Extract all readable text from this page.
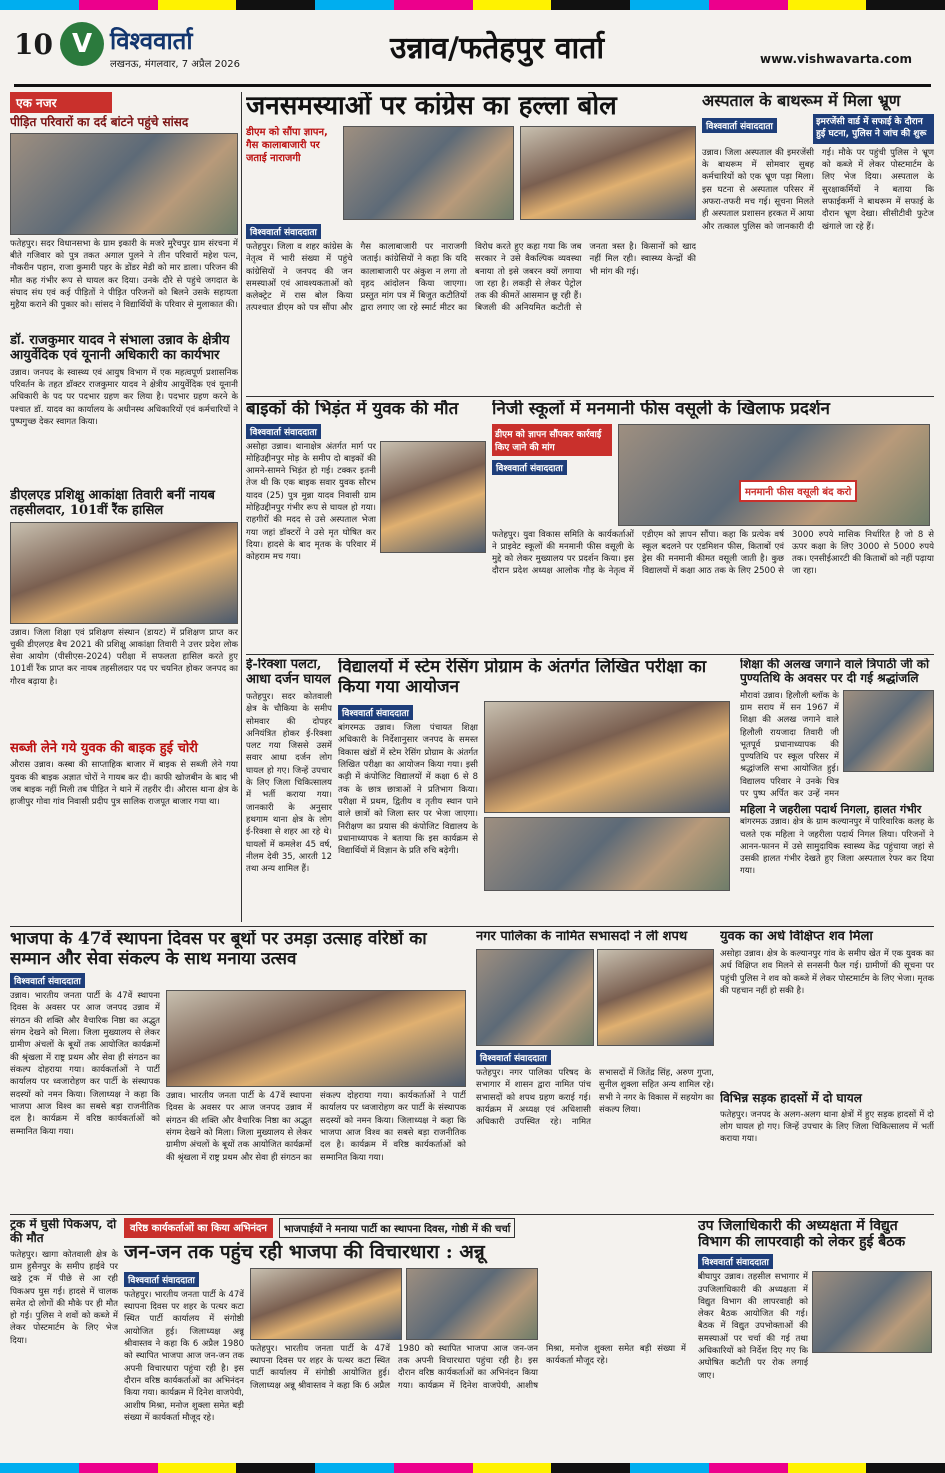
10 V विश्ववार्ता
लखनऊ, मंगलवार, 7 अप्रैल 2026	उन्नाव/फतेहपुर वार्ता	www.vishwavarta.com
एक नजर
पीड़ित परिवारों का दर्द बांटने पहुंचे सांसद
फतेहपुर। सदर विधानसभा के ग्राम इकारी के मजरे मुरैचपुर ग्राम संरचना में बीते गजिवार को पुत्र तकत अगाल पुलने ने तीन परिवारों महेश पत्न, नौकरीन पहान, राजा कुमारी पहर के डोंडर मेडी को मार डाला। परिजन की मौत कह गंभीर रूप से घायल कर दिया। उनके दौरे से पहुंचे जगदात के संघाद संध एवं कई पीड़ितों ने पीड़ित परिजनों को बिलने उसके सहायता मुहैया कराने की पुकार को। सांसद ने विद्यार्थियों के परिवार से मुलाकात की।
डॉ. राजकुमार यादव ने संभाला उन्नाव के क्षेत्रीय आयुर्वेदिक एवं यूनानी अधिकारी का कार्यभार
उन्नाव। जनपद के स्वास्थ्य एवं आयुष विभाग में एक महत्वपूर्ण प्रशासनिक परिवर्तन के तहत डॉक्टर राजकुमार यादव ने क्षेत्रीय आयुर्वेदिक एवं यूनानी अधिकारी के पद पर पदभार ग्रहण कर लिया है। पदभार ग्रहण करने के पश्चात डॉ. यादव का कार्यालय के अधीनस्थ अधिकारियों एवं कर्मचारियों ने पुष्पगुच्छ देकर स्वागत किया।
डीएलएड प्रशिक्षु आकांक्षा तिवारी बनीं नायब तहसीलदार, 101वीं रैंक हासिल
उन्नाव। जिला शिक्षा एवं प्रशिक्षण संस्थान (डायट) में प्रशिक्षण प्राप्त कर चुकी डीएलएड बैच 2021 की प्रशिक्षु आकांक्षा तिवारी ने उत्तर प्रदेश लोक सेवा आयोग (पीसीएस-2024) परीक्षा में सफलता हासिल करते हुए 101वीं रैंक प्राप्त कर नायब तहसीलदार पद पर चयनित होकर जनपद का गौरव बढ़ाया है।
सब्जी लेने गये युवक की बाइक हुई चोरी
औरास उन्नाव। कस्बा की साप्ताहिक बाजार में बाइक से सब्जी लेने गया युवक की बाइक अज्ञात चोरों ने गायब कर दी। काफी खोजबीन के बाद भी जब बाइक नहीं मिली तब पीड़ित ने थाने में तहरीर दी। औरास थाना क्षेत्र के हाजीपुर गोवा गांव निवासी प्रदीप पुत्र सालिक राजपूत बाजार गया था।
जनसमस्याओं पर कांग्रेस का हल्ला बोल
डीएम को सौंपा ज्ञापन, गैस कालाबाजारी पर जताई नाराजगी
विश्ववार्ता संवाददाता
फतेहपुर। जिला व शहर कांग्रेस के नेतृत्व में भारी संख्या में पहुंचे कांग्रेसियों ने जनपद की जन समस्याओं एवं आवश्यकताओं को कलेक्ट्रेट में रास बोल किया तत्पश्चात डीएम को पत्र सौंपा और गैस कालाबाजारी पर नाराजगी जताई। कांग्रेसियों ने कहा कि यदि कालाबाजारी पर अंकुश न लगा तो वृहद आंदोलन किया जाएगा। प्रस्तुत मांग पत्र में बिजुत कटौतियों द्वारा लगाए जा रहे स्मार्ट मीटर का विरोध करते हुए कहा गया कि जब सरकार ने उसे वैकल्पिक व्यवस्था बनाया तो इसे जबरन क्यों लगाया जा रहा है। लकड़ी से लेकर पेट्रोल तक की कीमतें आसमान छू रही हैं। बिजली की अनियमित कटौती से जनता त्रस्त है। किसानों को खाद नहीं मिल रही। स्वास्थ्य केन्द्रों की भी मांग की गई।
अस्पताल के बाथरूम में मिला भ्रूण
विश्ववार्ता संवाददाता	इमरजेंसी वार्ड में सफाई के दौरान हुई घटना, पुलिस ने जांच की शुरू
उन्नाव। जिला अस्पताल की इमरजेंसी के बाथरूम में सोमवार सुबह कर्मचारियों को एक भ्रूण पड़ा मिला। इस घटना से अस्पताल परिसर में अफरा-तफरी मच गई। सूचना मिलते ही अस्पताल प्रशासन हरकत में आया और तत्काल पुलिस को जानकारी दी गई। मौके पर पहुंची पुलिस ने भ्रूण को कब्जे में लेकर पोस्टमार्टम के लिए भेज दिया। अस्पताल के सुरक्षाकर्मियों ने बताया कि सफाईकर्मी ने बाथरूम में सफाई के दौरान भ्रूण देखा। सीसीटीवी फुटेज खंगाले जा रहे हैं।
बाइकों की भिड़ंत में युवक की मौत
विश्ववार्ता संवाददाता
असोहा उन्नाव। थानाक्षेत्र अंतर्गत मार्ग पर मोहिउद्दीनपुर मोड़ के समीप दो बाइकों की आमने-सामने भिड़ंत हो गई। टक्कर इतनी तेज थी कि एक बाइक सवार युवक सौरभ यादव (25) पुत्र मुन्ना यादव निवासी ग्राम मोहिउद्दीनपुर गंभीर रूप से घायल हो गया। राहगीरों की मदद से उसे अस्पताल भेजा गया जहां डॉक्टरों ने उसे मृत घोषित कर दिया। हादसे के बाद मृतक के परिवार में कोहराम मच गया।
निजी स्कूलों में मनमानी फीस वसूली के खिलाफ प्रदर्शन
डीएम को ज्ञापन सौंपकर कार्रवाई किए जाने की मांग
विश्ववार्ता संवाददाता
मनमानी फीस वसूली बंद करो
फतेहपुर। युवा विकास समिति के कार्यकर्ताओं ने प्राइवेट स्कूलों की मनमानी फीस वसूली के मुद्दे को लेकर मुख्यालय पर प्रदर्शन किया। इस दौरान प्रदेश अध्यक्ष आलोक गौड़ के नेतृत्व में एडीएम को ज्ञापन सौंपा। कहा कि प्रत्येक वर्ष स्कूल बदलने पर एडमिशन फीस, किताबों एवं ड्रेस की मनमानी कीमत वसूली जाती है। कुछ विद्यालयों में कक्षा आठ तक के लिए 2500 से 3000 रुपये मासिक निर्धारित है जो 8 से ऊपर कक्षा के लिए 3000 से 5000 रुपये तक। एनसीईआरटी की किताबों को नहीं पढ़ाया जा रहा।
ई-रिक्शा पलटा, आधा दर्जन घायल
फतेहपुर। सदर कोतवाली क्षेत्र के चौकिया के समीप सोमवार की दोपहर अनियंत्रित होकर ई-रिक्शा पलट गया जिससे उसमें सवार आधा दर्जन लोग घायल हो गए। जिन्हें उपचार के लिए जिला चिकित्सालय में भर्ती कराया गया। जानकारी के अनुसार हथगाम थाना क्षेत्र के लोग ई-रिक्शा से शहर आ रहे थे। घायलों में कमलेश 45 वर्ष, नीलम देवी 35, आरती 12 तथा अन्य शामिल हैं।
विद्यालयों में स्टेम रेसिंग प्रोग्राम के अंतर्गत लिखित परीक्षा का किया गया आयोजन
विश्ववार्ता संवाददाता
बांगरमऊ उन्नाव। जिला पंचायत शिक्षा अधिकारी के निर्देशानुसार जनपद के समस्त विकास खंडों में स्टेम रेसिंग प्रोग्राम के अंतर्गत लिखित परीक्षा का आयोजन किया गया। इसी कड़ी में कंपोजिट विद्यालयों में कक्षा 6 से 8 तक के छात्र छात्राओं ने प्रतिभाग किया। परीक्षा में प्रथम, द्वितीय व तृतीय स्थान पाने वाले छात्रों को जिला स्तर पर भेजा जाएगा। निरीक्षण का प्रयास की कंपोजिट विद्यालय के प्रधानाध्यापक ने बताया कि इस कार्यक्रम से विद्यार्थियों में विज्ञान के प्रति रुचि बढ़ेगी।
शिक्षा की अलख जगाने वाले त्रिपाठी जी को पुण्यतिथि के अवसर पर दी गई श्रद्धांजलि
मौरावां उन्नाव। हिलौली ब्लॉक के ग्राम सराय में सन 1967 में शिक्षा की अलख जगाने वाले हिलौली रायजादा तिवारी जी भूतपूर्व प्रधानाध्यापक की पुण्यतिथि पर स्कूल परिसर में श्रद्धांजलि सभा आयोजित हुई। विद्यालय परिवार ने उनके चित्र पर पुष्प अर्पित कर उन्हें नमन
महिला ने जहरीला पदार्थ निगला, हालत गंभीर
बांगरमऊ उन्नाव। क्षेत्र के ग्राम कल्यानपुर में पारिवारिक कलह के चलते एक महिला ने जहरीला पदार्थ निगल लिया। परिजनों ने आनन-फानन में उसे सामुदायिक स्वास्थ्य केंद्र पहुंचाया जहां से उसकी हालत गंभीर देखते हुए जिला अस्पताल रेफर कर दिया गया।
भाजपा के 47वें स्थापना दिवस पर बूथों पर उमड़ा उत्साह वरिष्ठों का सम्मान और सेवा संकल्प के साथ मनाया उत्सव
विश्ववार्ता संवाददाता
उन्नाव। भारतीय जनता पार्टी के 47वें स्थापना दिवस के अवसर पर आज जनपद उन्नाव में संगठन की शक्ति और वैचारिक निष्ठा का अद्भुत संगम देखने को मिला। जिला मुख्यालय से लेकर ग्रामीण अंचलों के बूथों तक आयोजित कार्यक्रमों की श्रृंखला में राष्ट्र प्रथम और सेवा ही संगठन का संकल्प दोहराया गया। कार्यकर्ताओं ने पार्टी कार्यालय पर ध्वजारोहण कर पार्टी के संस्थापक सदस्यों को नमन किया। जिलाध्यक्ष ने कहा कि भाजपा आज विश्व का सबसे बड़ा राजनीतिक दल है। कार्यक्रम में वरिष्ठ कार्यकर्ताओं को सम्मानित किया गया।
उन्नाव। भारतीय जनता पार्टी के 47वें स्थापना दिवस के अवसर पर आज जनपद उन्नाव में संगठन की शक्ति और वैचारिक निष्ठा का अद्भुत संगम देखने को मिला। जिला मुख्यालय से लेकर ग्रामीण अंचलों के बूथों तक आयोजित कार्यक्रमों की श्रृंखला में राष्ट्र प्रथम और सेवा ही संगठन का संकल्प दोहराया गया। कार्यकर्ताओं ने पार्टी कार्यालय पर ध्वजारोहण कर पार्टी के संस्थापक सदस्यों को नमन किया। जिलाध्यक्ष ने कहा कि भाजपा आज विश्व का सबसे बड़ा राजनीतिक दल है। कार्यक्रम में वरिष्ठ कार्यकर्ताओं को सम्मानित किया गया।
नगर पालिका के नामित सभासदों ने ली शपथ
विश्ववार्ता संवाददाता
फतेहपुर। नगर पालिका परिषद के सभागार में शासन द्वारा नामित पांच सभासदों को शपथ ग्रहण कराई गई। कार्यक्रम में अध्यक्ष एवं अधिशासी अधिकारी उपस्थित रहे। नामित सभासदों में जितेंद्र सिंह, अरुण गुप्ता, सुनील शुक्ला सहित अन्य शामिल रहे। सभी ने नगर के विकास में सहयोग का संकल्प लिया।
युवक का अर्ध विक्षिप्त शव मिला
असोहा उन्नाव। क्षेत्र के कल्यानपुर गांव के समीप खेत में एक युवक का अर्ध विक्षिप्त शव मिलने से सनसनी फैल गई। ग्रामीणों की सूचना पर पहुंची पुलिस ने शव को कब्जे में लेकर पोस्टमार्टम के लिए भेजा। मृतक की पहचान नहीं हो सकी है।
विभिन्न सड़क हादसों में दो घायल
फतेहपुर। जनपद के अलग-अलग थाना क्षेत्रों में हुए सड़क हादसों में दो लोग घायल हो गए। जिन्हें उपचार के लिए जिला चिकित्सालय में भर्ती कराया गया।
ट्रक में घुसी पिकअप, दो की मौत
फतेहपुर। खागा कोतवाली क्षेत्र के ग्राम हुसैनपुर के समीप हाईवे पर खड़े ट्रक में पीछे से आ रही पिकअप घुस गई। हादसे में चालक समेत दो लोगों की मौके पर ही मौत हो गई। पुलिस ने शवों को कब्जे में लेकर पोस्टमार्टम के लिए भेज दिया।
वरिष्ठ कार्यकर्ताओं का किया अभिनंदन	भाजपाईयों ने मनाया पार्टी का स्थापना दिवस, गोष्ठी में की चर्चा
जन-जन तक पहुंच रही भाजपा की विचारधारा : अन्नू
विश्ववार्ता संवाददाता
फतेहपुर। भारतीय जनता पार्टी के 47वें स्थापना दिवस पर शहर के पत्थर कटा स्थित पार्टी कार्यालय में संगोष्ठी आयोजित हुई। जिलाध्यक्ष अन्नू श्रीवास्तव ने कहा कि 6 अप्रैल 1980 को स्थापित भाजपा आज जन-जन तक अपनी विचारधारा पहुंचा रही है। इस दौरान वरिष्ठ कार्यकर्ताओं का अभिनंदन किया गया। कार्यक्रम में दिनेश वाजपेयी, आशीष मिश्रा, मनोज शुक्ला समेत बड़ी संख्या में कार्यकर्ता मौजूद रहे।
फतेहपुर। भारतीय जनता पार्टी के 47वें स्थापना दिवस पर शहर के पत्थर कटा स्थित पार्टी कार्यालय में संगोष्ठी आयोजित हुई। जिलाध्यक्ष अन्नू श्रीवास्तव ने कहा कि 6 अप्रैल 1980 को स्थापित भाजपा आज जन-जन तक अपनी विचारधारा पहुंचा रही है। इस दौरान वरिष्ठ कार्यकर्ताओं का अभिनंदन किया गया। कार्यक्रम में दिनेश वाजपेयी, आशीष मिश्रा, मनोज शुक्ला समेत बड़ी संख्या में कार्यकर्ता मौजूद रहे।
उप जिलाधिकारी की अध्यक्षता में विद्युत विभाग की लापरवाही को लेकर हुई बैठक
विश्ववार्ता संवाददाता
बीघापुर उन्नाव। तहसील सभागार में उपजिलाधिकारी की अध्यक्षता में विद्युत विभाग की लापरवाही को लेकर बैठक आयोजित की गई। बैठक में विद्युत उपभोक्ताओं की समस्याओं पर चर्चा की गई तथा अधिकारियों को निर्देश दिए गए कि अघोषित कटौती पर रोक लगाई जाए।
